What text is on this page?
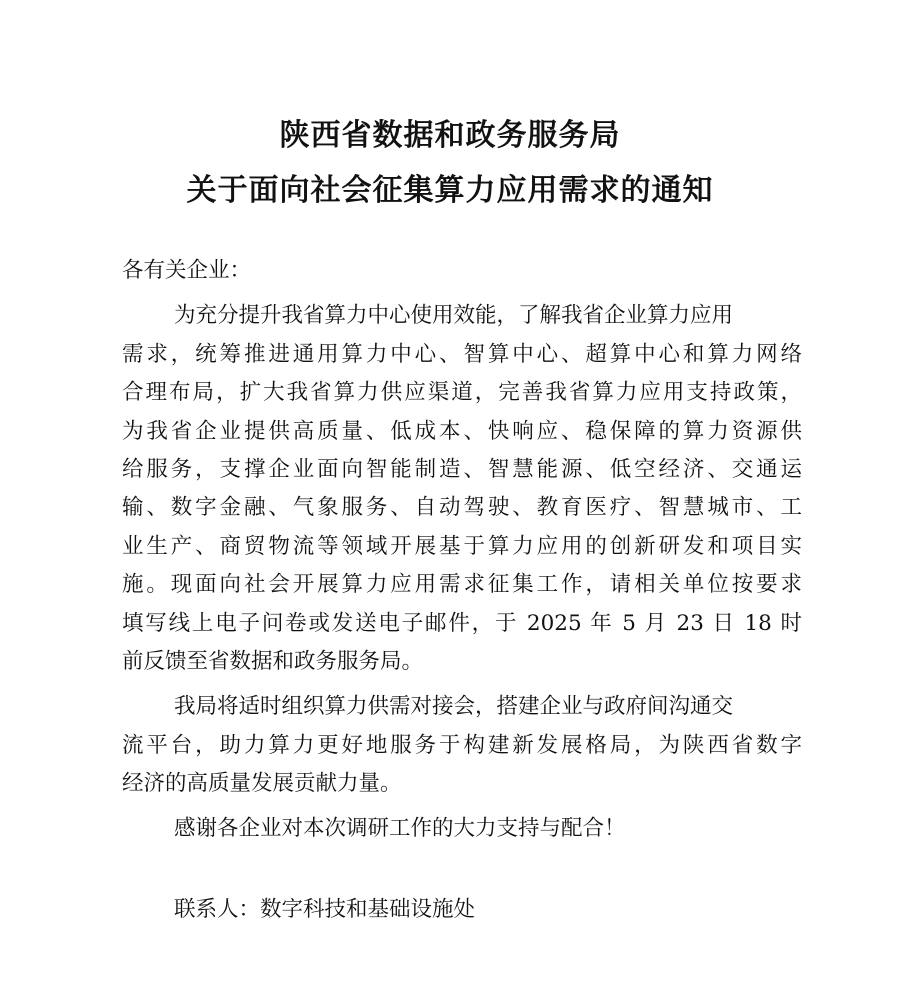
陕西省数据和政务服务局
关于面向社会征集算力应用需求的通知
各有关企业：
为充分提升我省算力中心使用效能，了解我省企业算力应用
需求，统筹推进通用算力中心、智算中心、超算中心和算力网络
合理布局，扩大我省算力供应渠道，完善我省算力应用支持政策，
为我省企业提供高质量、低成本、快响应、稳保障的算力资源供
给服务，支撑企业面向智能制造、智慧能源、低空经济、交通运
输、数字金融、气象服务、自动驾驶、教育医疗、智慧城市、工
业生产、商贸物流等领域开展基于算力应用的创新研发和项目实
施。现面向社会开展算力应用需求征集工作，请相关单位按要求
填写线上电子问卷或发送电子邮件，于 2025 年 5 月 23 日 18 时
前反馈至省数据和政务服务局。
我局将适时组织算力供需对接会，搭建企业与政府间沟通交
流平台，助力算力更好地服务于构建新发展格局，为陕西省数字
经济的高质量发展贡献力量。
感谢各企业对本次调研工作的大力支持与配合！
联系人：数字科技和基础设施处
